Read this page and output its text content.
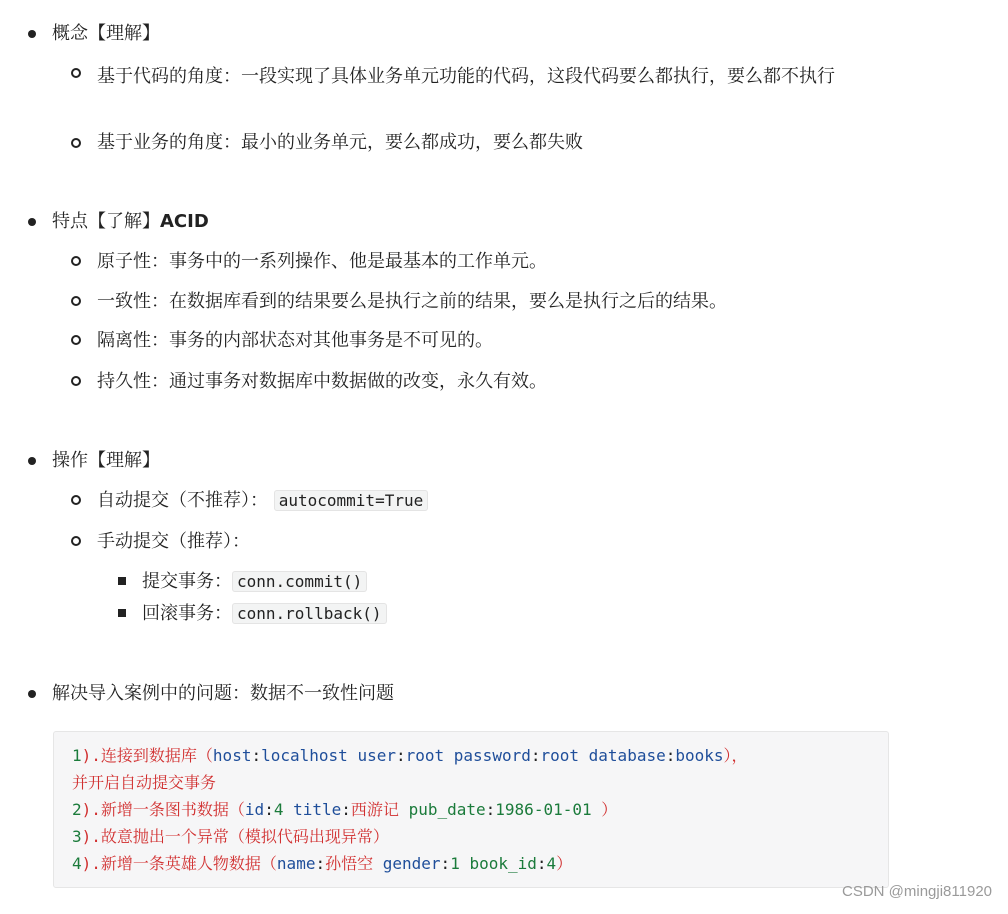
概念【理解】
基于代码的角度：一段实现了具体业务单元功能的代码，这段代码要么都执行，要么都不执行
基于业务的角度：最小的业务单元，要么都成功，要么都失败
特点【了解】ACID
原子性：事务中的一系列操作、他是最基本的工作单元。
一致性：在数据库看到的结果要么是执行之前的结果，要么是执行之后的结果。
隔离性：事务的内部状态对其他事务是不可见的。
持久性：通过事务对数据库中数据做的改变，永久有效。
操作【理解】
自动提交（不推荐）： autocommit=True
手动提交（推荐）：
提交事务： conn.commit()
回滚事务： conn.rollback()
解决导入案例中的问题：数据不一致性问题
1).连接到数据库（host:localhost user:root password:root database:books），
并开启自动提交事务
2).新增一条图书数据（id:4 title:西游记 pub_date:1986-01-01 ）
3).故意抛出一个异常（模拟代码出现异常）
4).新增一条英雄人物数据（name:孙悟空 gender:1 book_id:4）
CSDN @mingji811920
